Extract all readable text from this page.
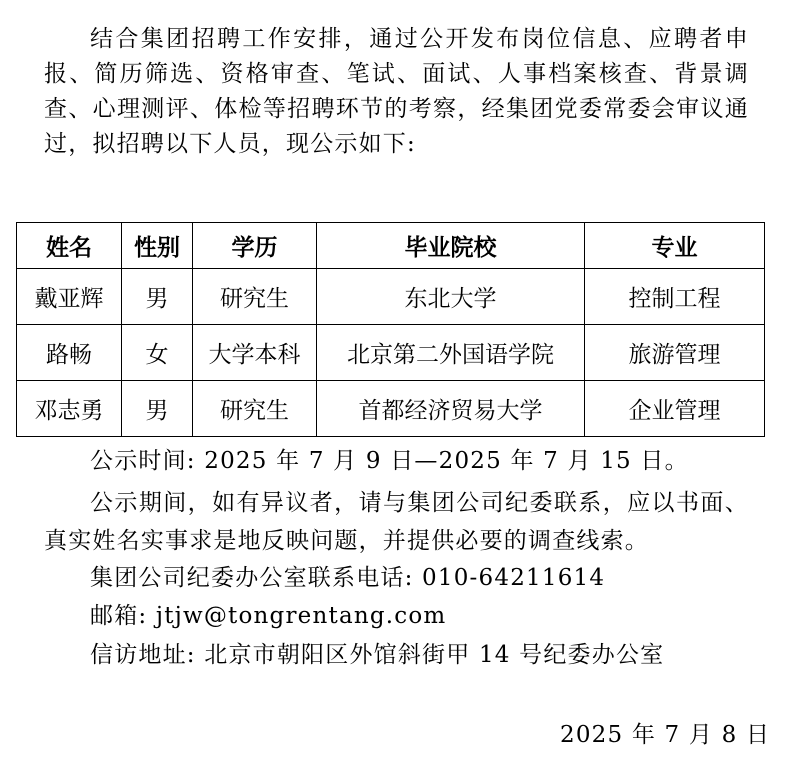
结合集团招聘工作安排，通过公开发布岗位信息、应聘者申报、简历筛选、资格审查、笔试、面试、人事档案核查、背景调查、心理测评、体检等招聘环节的考察，经集团党委常委会审议通过，拟招聘以下人员，现公示如下:

姓名	性别	学历	毕业院校	专业
戴亚辉	男	研究生	东北大学	控制工程
路畅	女	大学本科	北京第二外国语学院	旅游管理
邓志勇	男	研究生	首都经济贸易大学	企业管理

公示时间: 2025 年 7 月 9 日—2025 年 7 月 15 日。

公示期间，如有异议者，请与集团公司纪委联系，应以书面、真实姓名实事求是地反映问题，并提供必要的调查线索。

集团公司纪委办公室联系电话: 010-64211614

邮箱: jtjw@tongrentang.com

信访地址: 北京市朝阳区外馆斜街甲 14 号纪委办公室

2025 年 7 月 8 日
